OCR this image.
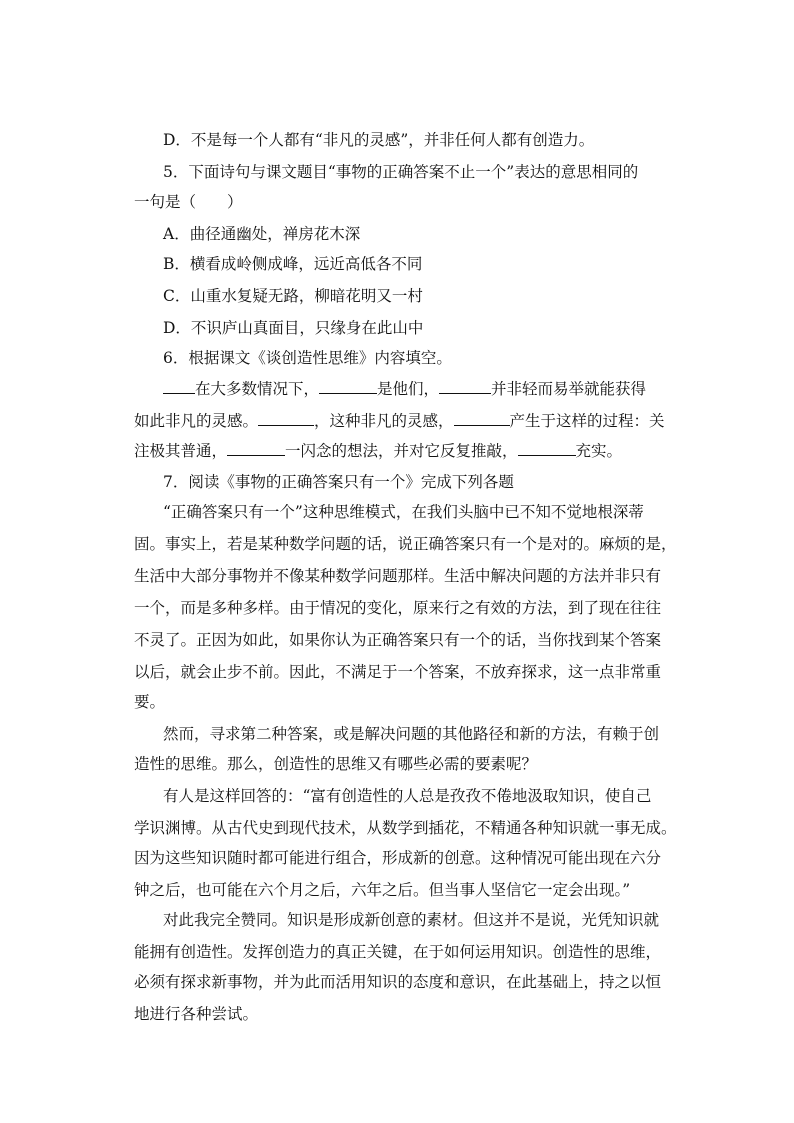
D．不是每一个人都有“非凡的灵感”，并非任何人都有创造力。
5．下面诗句与课文题目“事物的正确答案不止一个”表达的意思相同的
一句是（　　）
A．曲径通幽处，禅房花木深
B．横看成岭侧成峰，远近高低各不同
C．山重水复疑无路，柳暗花明又一村
D．不识庐山真面目，只缘身在此山中
6．根据课文《谈创造性思维》内容填空。
在大多数情况下，	是他们，	并非轻而易举就能获得
如此非凡的灵感。	，这种非凡的灵感，	产生于这样的过程：关
注极其普通，	一闪念的想法，并对它反复推敲，	充实。
7．阅读《事物的正确答案只有一个》完成下列各题
“正确答案只有一个”这种思维模式，在我们头脑中已不知不觉地根深蒂
固。事实上，若是某种数学问题的话，说正确答案只有一个是对的。麻烦的是，
生活中大部分事物并不像某种数学问题那样。生活中解决问题的方法并非只有
一个，而是多种多样。由于情况的变化，原来行之有效的方法，到了现在往往
不灵了。正因为如此，如果你认为正确答案只有一个的话，当你找到某个答案
以后，就会止步不前。因此，不满足于一个答案，不放弃探求，这一点非常重
要。
然而，寻求第二种答案，或是解决问题的其他路径和新的方法，有赖于创
造性的思维。那么，创造性的思维又有哪些必需的要素呢？
有人是这样回答的：“富有创造性的人总是孜孜不倦地汲取知识，使自己
学识渊博。从古代史到现代技术，从数学到插花，不精通各种知识就一事无成。
因为这些知识随时都可能进行组合，形成新的创意。这种情况可能出现在六分
钟之后，也可能在六个月之后，六年之后。但当事人坚信它一定会出现。”
对此我完全赞同。知识是形成新创意的素材。但这并不是说，光凭知识就
能拥有创造性。发挥创造力的真正关键，在于如何运用知识。创造性的思维，
必须有探求新事物，并为此而活用知识的态度和意识，在此基础上，持之以恒
地进行各种尝试。
